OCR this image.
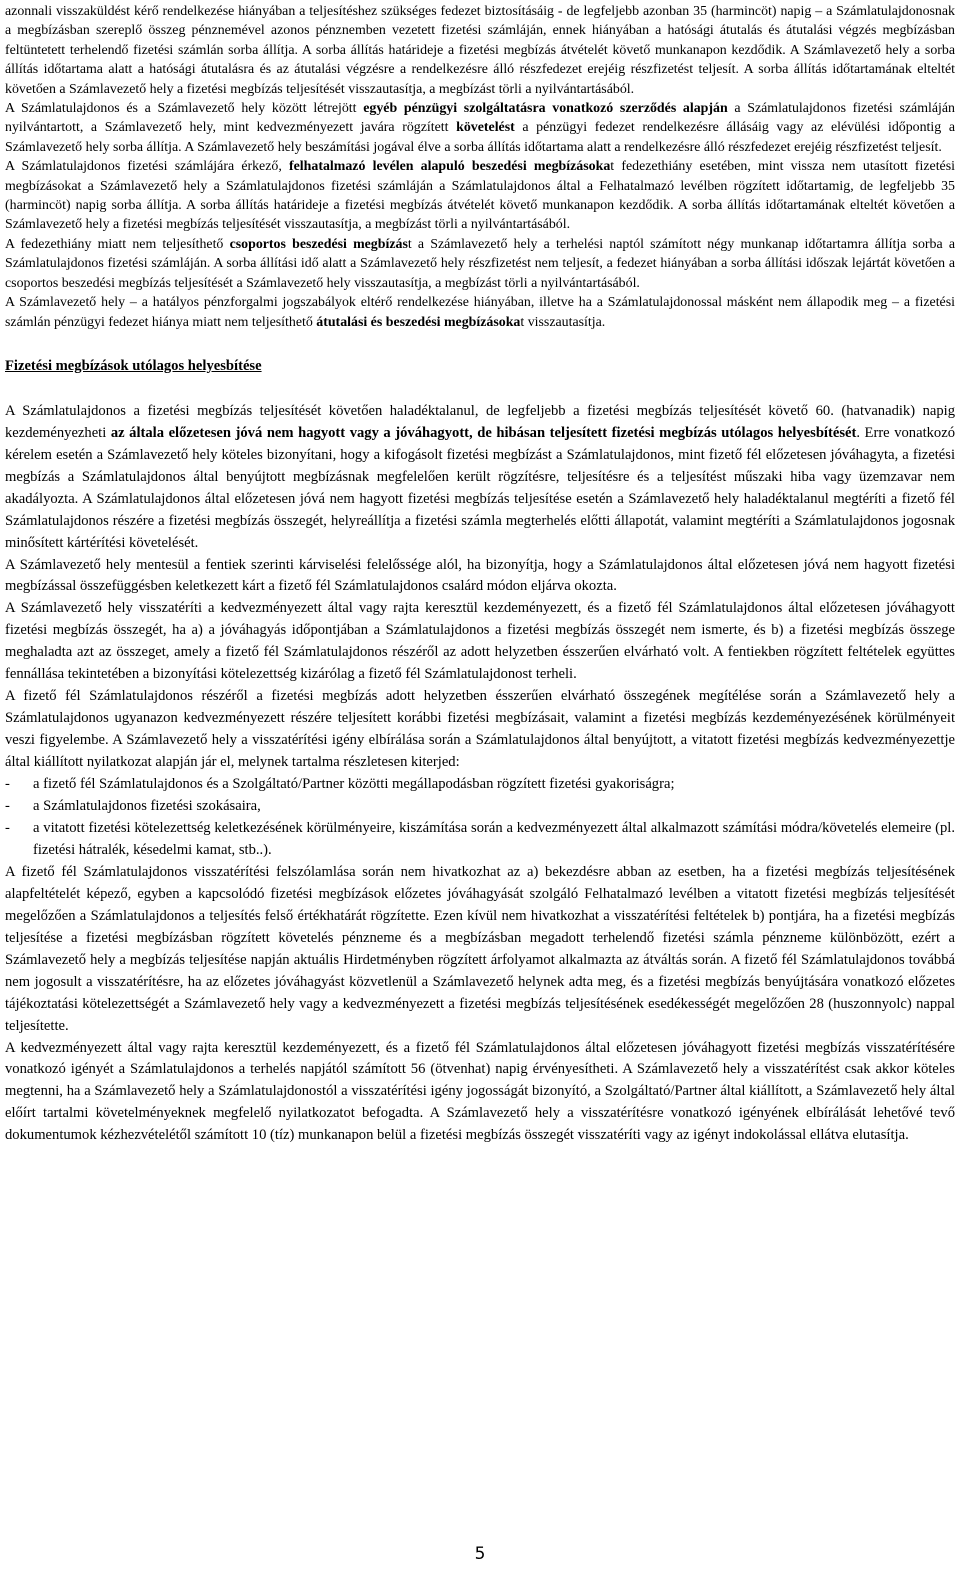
azonnali visszaküldést kérő rendelkezése hiányában a teljesítéshez szükséges fedezet biztosításáig - de legfeljebb azonban 35 (harmincöt) napig – a Számlatulajdonosnak a megbízásban szereplő összeg pénznemével azonos pénznemben vezetett fizetési számláján, ennek hiányában a hatósági átutalás és átutalási végzés megbízásban feltüntetett terhelendő fizetési számlán sorba állítja. A sorba állítás határideje a fizetési megbízás átvételét követő munkanapon kezdődik. A Számlavezető hely a sorba állítás időtartama alatt a hatósági átutalásra és az átutalási végzésre a rendelkezésre álló részfedezet erejéig részfizetést teljesít. A sorba állítás időtartamának elteltét követően a Számlavezető hely a fizetési megbízás teljesítését visszautasítja, a megbízást törli a nyilvántartásából.

A Számlatulajdonos és a Számlavezető hely között létrejött egyéb pénzügyi szolgáltatásra vonatkozó szerződés alapján a Számlatulajdonos fizetési számláján nyilvántartott, a Számlavezető hely, mint kedvezményezett javára rögzített követelést a pénzügyi fedezet rendelkezésre állásáig vagy az elévülési időpontig a Számlavezető hely sorba állítja. A Számlavezető hely beszámítási jogával élve a sorba állítás időtartama alatt a rendelkezésre álló részfedezet erejéig részfizetést teljesít.

A Számlatulajdonos fizetési számlájára érkező, felhatalmazó levélen alapuló beszedési megbízásokat fedezethiány esetében, mint vissza nem utasított fizetési megbízásokat a Számlavezető hely a Számlatulajdonos fizetési számláján a Számlatulajdonos által a Felhatalmazó levélben rögzített időtartamig, de legfeljebb 35 (harmincöt) napig sorba állítja. A sorba állítás határideje a fizetési megbízás átvételét követő munkanapon kezdődik. A sorba állítás időtartamának elteltét követően a Számlavezető hely a fizetési megbízás teljesítését visszautasítja, a megbízást törli a nyilvántartásából.

A fedezethiány miatt nem teljesíthető csoportos beszedési megbízást a Számlavezető hely a terhelési naptól számított négy munkanap időtartamra állítja sorba a Számlatulajdonos fizetési számláján. A sorba állítási idő alatt a Számlavezető hely részfizetést nem teljesít, a fedezet hiányában a sorba állítási időszak lejártát követően a csoportos beszedési megbízás teljesítését a Számlavezető hely visszautasítja, a megbízást törli a nyilvántartásából.

A Számlavezető hely – a hatályos pénzforgalmi jogszabályok eltérő rendelkezése hiányában, illetve ha a Számlatulajdonossal másként nem állapodik meg – a fizetési számlán pénzügyi fedezet hiánya miatt nem teljesíthető átutalási és beszedési megbízásokat visszautasítja.

Fizetési megbízások utólagos helyesbítése

A Számlatulajdonos a fizetési megbízás teljesítését követően haladéktalanul, de legfeljebb a fizetési megbízás teljesítését követő 60. (hatvanadik) napig kezdeményezheti az általa előzetesen jóvá nem hagyott vagy a jóváhagyott, de hibásan teljesített fizetési megbízás utólagos helyesbítését. Erre vonatkozó kérelem esetén a Számlavezető hely köteles bizonyítani, hogy a kifogásolt fizetési megbízást a Számlatulajdonos, mint fizető fél előzetesen jóváhagyta, a fizetési megbízás a Számlatulajdonos által benyújtott megbízásnak megfelelően került rögzítésre, teljesítésre és a teljesítést műszaki hiba vagy üzemzavar nem akadályozta. A Számlatulajdonos által előzetesen jóvá nem hagyott fizetési megbízás teljesítése esetén a Számlavezető hely haladéktalanul megtéríti a fizető fél Számlatulajdonos részére a fizetési megbízás összegét, helyreállítja a fizetési számla megterhelés előtti állapotát, valamint megtéríti a Számlatulajdonos jogosnak minősített kártérítési követelését.

A Számlavezető hely mentesül a fentiek szerinti kárviselési felelőssége alól, ha bizonyítja, hogy a Számlatulajdonos által előzetesen jóvá nem hagyott fizetési megbízással összefüggésben keletkezett kárt a fizető fél Számlatulajdonos csalárd módon eljárva okozta.

A Számlavezető hely visszatéríti a kedvezményezett által vagy rajta keresztül kezdeményezett, és a fizető fél Számlatulajdonos által előzetesen jóváhagyott fizetési megbízás összegét, ha a) a jóváhagyás időpontjában a Számlatulajdonos a fizetési megbízás összegét nem ismerte, és b) a fizetési megbízás összege meghaladta azt az összeget, amely a fizető fél Számlatulajdonos részéről az adott helyzetben ésszerűen elvárható volt. A fentiekben rögzített feltételek együttes fennállása tekintetében a bizonyítási kötelezettség kizárólag a fizető fél Számlatulajdonost terheli.

A fizető fél Számlatulajdonos részéről a fizetési megbízás adott helyzetben ésszerűen elvárható összegének megítélése során a Számlavezető hely a Számlatulajdonos ugyanazon kedvezményezett részére teljesített korábbi fizetési megbízásait, valamint a fizetési megbízás kezdeményezésének körülményeit veszi figyelembe. A Számlavezető hely a visszatérítési igény elbírálása során a Számlatulajdonos által benyújtott, a vitatott fizetési megbízás kedvezményezettje által kiállított nyilatkozat alapján jár el, melynek tartalma részletesen kiterjed:

-	a fizető fél Számlatulajdonos és a Szolgáltató/Partner közötti megállapodásban rögzített fizetési gyakoriságra;
-	a Számlatulajdonos fizetési szokásaira,
-	a vitatott fizetési kötelezettség keletkezésének körülményeire, kiszámítása során a kedvezményezett által alkalmazott számítási módra/követelés elemeire (pl. fizetési hátralék, késedelmi kamat, stb..).

A fizető fél Számlatulajdonos visszatérítési felszólamlása során nem hivatkozhat az a) bekezdésre abban az esetben, ha a fizetési megbízás teljesítésének alapfeltételét képező, egyben a kapcsolódó fizetési megbízások előzetes jóváhagyását szolgáló Felhatalmazó levélben a vitatott fizetési megbízás teljesítését megelőzően a Számlatulajdonos a teljesítés felső értékhatárát rögzítette. Ezen kívül nem hivatkozhat a visszatérítési feltételek b) pontjára, ha a fizetési megbízás teljesítése a fizetési megbízásban rögzített követelés pénzneme és a megbízásban megadott terhelendő fizetési számla pénzneme különbözött, ezért a Számlavezető hely a megbízás teljesítése napján aktuális Hirdetményben rögzített árfolyamot alkalmazta az átváltás során. A fizető fél Számlatulajdonos továbbá nem jogosult a visszatérítésre, ha az előzetes jóváhagyást közvetlenül a Számlavezető helynek adta meg, és a fizetési megbízás benyújtására vonatkozó előzetes tájékoztatási kötelezettségét a Számlavezető hely vagy a kedvezményezett a fizetési megbízás teljesítésének esedékességét megelőzően 28 (huszonnyolc) nappal teljesítette.

A kedvezményezett által vagy rajta keresztül kezdeményezett, és a fizető fél Számlatulajdonos által előzetesen jóváhagyott fizetési megbízás visszatérítésére vonatkozó igényét a Számlatulajdonos a terhelés napjától számított 56 (ötvenhat) napig érvényesítheti. A Számlavezető hely a visszatérítést csak akkor köteles megtenni, ha a Számlavezető hely a Számlatulajdonostól a visszatérítési igény jogosságát bizonyító, a Szolgáltató/Partner által kiállított, a Számlavezető hely által előírt tartalmi követelményeknek megfelelő nyilatkozatot befogadta. A Számlavezető hely a visszatérítésre vonatkozó igényének elbírálását lehetővé tevő dokumentumok kézhezvételétől számított 10 (tíz) munkanapon belül a fizetési megbízás összegét visszatéríti vagy az igényt indokolással ellátva elutasítja.

5
